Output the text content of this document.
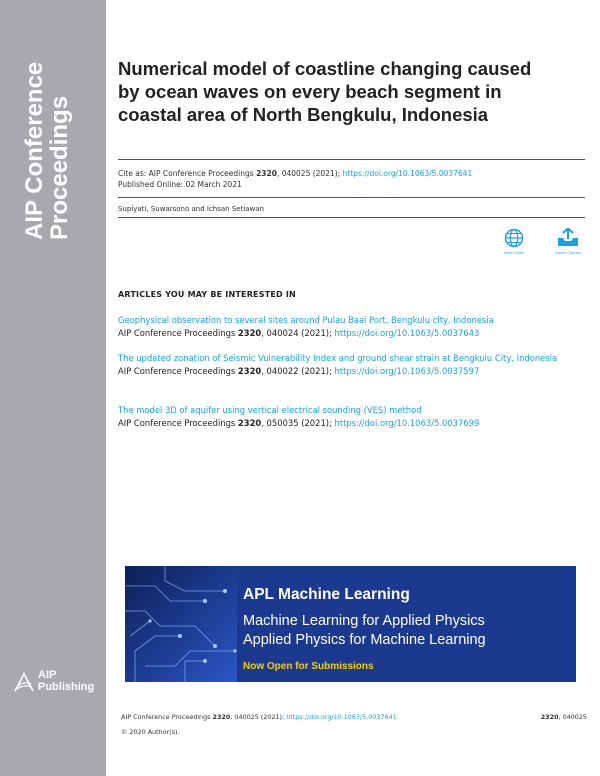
AIP Conference
Proceedings
AIP
Publishing
Numerical model of coastline changing caused by ocean waves on every beach segment in coastal area of North Bengkulu, Indonesia
Cite as: AIP Conference Proceedings 2320, 040025 (2021); https://doi.org/10.1063/5.0037641
Published Online: 02 March 2021
Supiyati, Suwarsono and Ichsan Setiawan
View Online	Export Citation
ARTICLES YOU MAY BE INTERESTED IN
Geophysical observation to several sites around Pulau Baai Port, Bengkulu city, Indonesia
AIP Conference Proceedings 2320, 040024 (2021); https://doi.org/10.1063/5.0037643
The updated zonation of Seismic Vulnerability Index and ground shear strain at Bengkulu City, Indonesia
AIP Conference Proceedings 2320, 040022 (2021); https://doi.org/10.1063/5.0037597
The model 3D of aquifer using vertical electrical sounding (VES) method
AIP Conference Proceedings 2320, 050035 (2021); https://doi.org/10.1063/5.0037699
APL Machine Learning
Machine Learning for Applied Physics
Applied Physics for Machine Learning
Now Open for Submissions
AIP Conference Proceedings 2320, 040025 (2021); https://doi.org/10.1063/5.0037641	2320, 040025
© 2020 Author(s).
